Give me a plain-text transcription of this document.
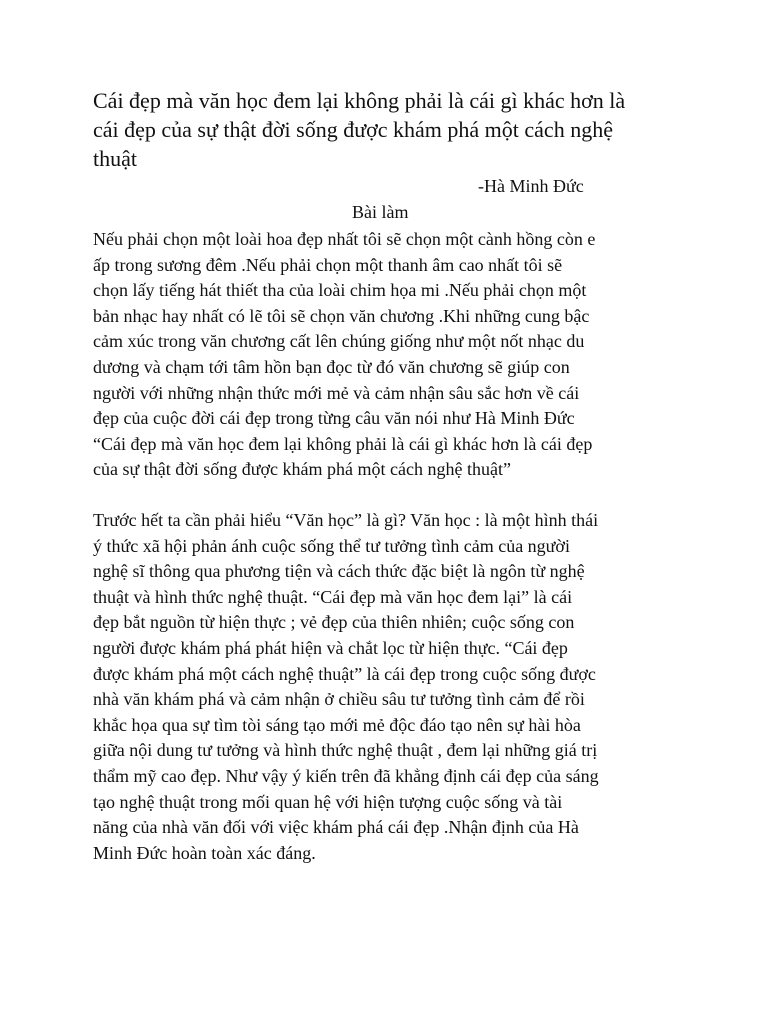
Cái đẹp mà văn học đem lại không phải là cái gì khác hơn là
cái đẹp của sự thật đời sống được khám phá một cách nghệ
thuật

-Hà Minh Đức
Bài làm

Nếu phải chọn một loài hoa đẹp nhất tôi sẽ chọn một cành hồng còn e
ấp trong sương đêm .Nếu phải chọn một thanh âm cao nhất tôi sẽ
chọn lấy tiếng hát thiết tha của loài chim họa mi .Nếu phải chọn một
bản nhạc hay nhất có lẽ tôi sẽ chọn văn chương .Khi những cung bậc
cảm xúc trong văn chương cất lên chúng giống như một nốt nhạc du
dương và chạm tới tâm hồn bạn đọc từ đó văn chương sẽ giúp con
người với những nhận thức mới mẻ và cảm nhận sâu sắc hơn về cái
đẹp của cuộc đời cái đẹp trong từng câu văn nói như Hà Minh Đức
“Cái đẹp mà văn học đem lại không phải là cái gì khác hơn là cái đẹp
của sự thật đời sống được khám phá một cách nghệ thuật”

Trước hết ta cần phải hiểu “Văn học” là gì? Văn học : là một hình thái
ý thức xã hội phản ánh cuộc sống thể tư tưởng tình cảm của người
nghệ sĩ thông qua phương tiện và cách thức đặc biệt là ngôn từ nghệ
thuật và hình thức nghệ thuật. “Cái đẹp mà văn học đem lại” là cái
đẹp bắt nguồn từ hiện thực ; vẻ đẹp của thiên nhiên; cuộc sống con
người được khám phá phát hiện và chắt lọc từ hiện thực. “Cái đẹp
được khám phá một cách nghệ thuật” là cái đẹp trong cuộc sống được
nhà văn khám phá và cảm nhận ở chiều sâu tư tưởng tình cảm để rồi
khắc họa qua sự tìm tòi sáng tạo mới mẻ độc đáo tạo nên sự hài hòa
giữa nội dung tư tưởng và hình thức nghệ thuật , đem lại những giá trị
thẩm mỹ cao đẹp. Như vậy ý kiến trên đã khẳng định cái đẹp của sáng
tạo nghệ thuật trong mối quan hệ với hiện tượng cuộc sống và tài
năng của nhà văn đối với việc khám phá cái đẹp .Nhận định của Hà
Minh Đức hoàn toàn xác đáng.
